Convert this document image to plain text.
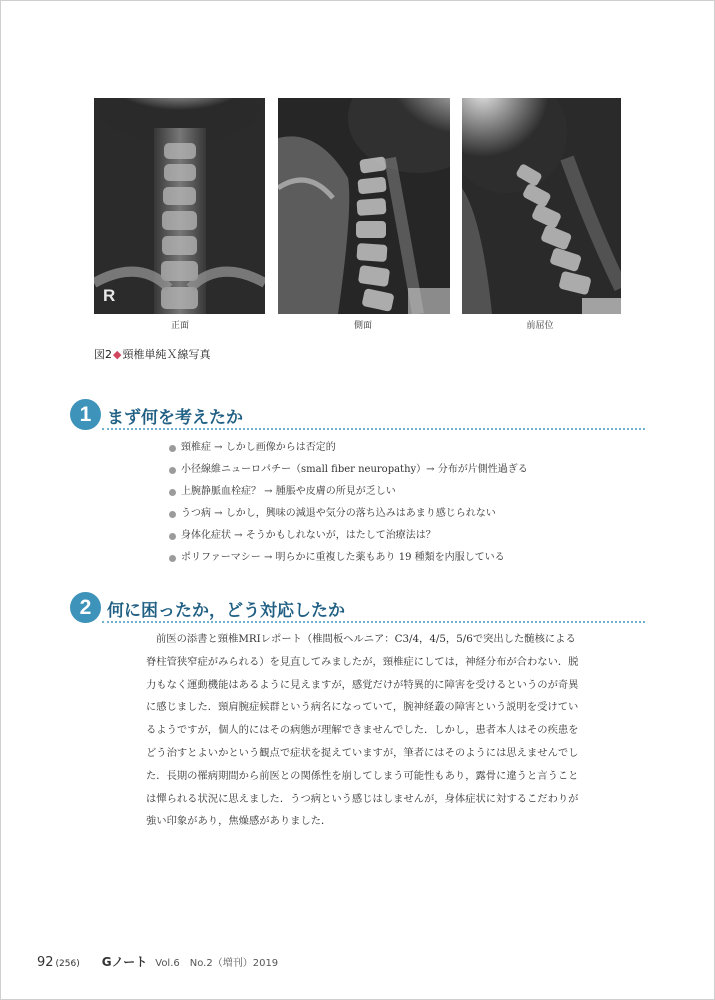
R
正面	側面	前屈位
図2◆頸椎単純Ｘ線写真
1 まず何を考えたか
頸椎症 → しかし画像からは否定的
小径線維ニューロパチー（small fiber neuropathy）→ 分布が片側性過ぎる
上腕静脈血栓症？ → 腫脹や皮膚の所見が乏しい
うつ病 → しかし，興味の減退や気分の落ち込みはあまり感じられない
身体化症状 → そうかもしれないが，はたして治療法は？
ポリファーマシー → 明らかに重複した薬もあり 19 種類を内服している
2 何に困ったか，どう対応したか
前医の添書と頸椎MRIレポート（椎間板ヘルニア：C3/4，4/5，5/6で突出した髄核による
脊柱管狭窄症がみられる）を見直してみましたが，頸椎症にしては，神経分布が合わない．脱
力もなく運動機能はあるように見えますが，感覚だけが特異的に障害を受けるというのが奇異
に感じました．頸肩腕症候群という病名になっていて，腕神経叢の障害という説明を受けてい
るようですが，個人的にはその病態が理解できませんでした．しかし，患者本人はその疾患を
どう治すとよいかという観点で症状を捉えていますが，筆者にはそのようには思えませんでし
た．長期の罹病期間から前医との関係性を崩してしまう可能性もあり，露骨に違うと言うこと
は憚られる状況に思えました．うつ病という感じはしませんが，身体症状に対するこだわりが
強い印象があり，焦燥感がありました．
92 (256) Gノート Vol.6　No.2（増刊）2019
